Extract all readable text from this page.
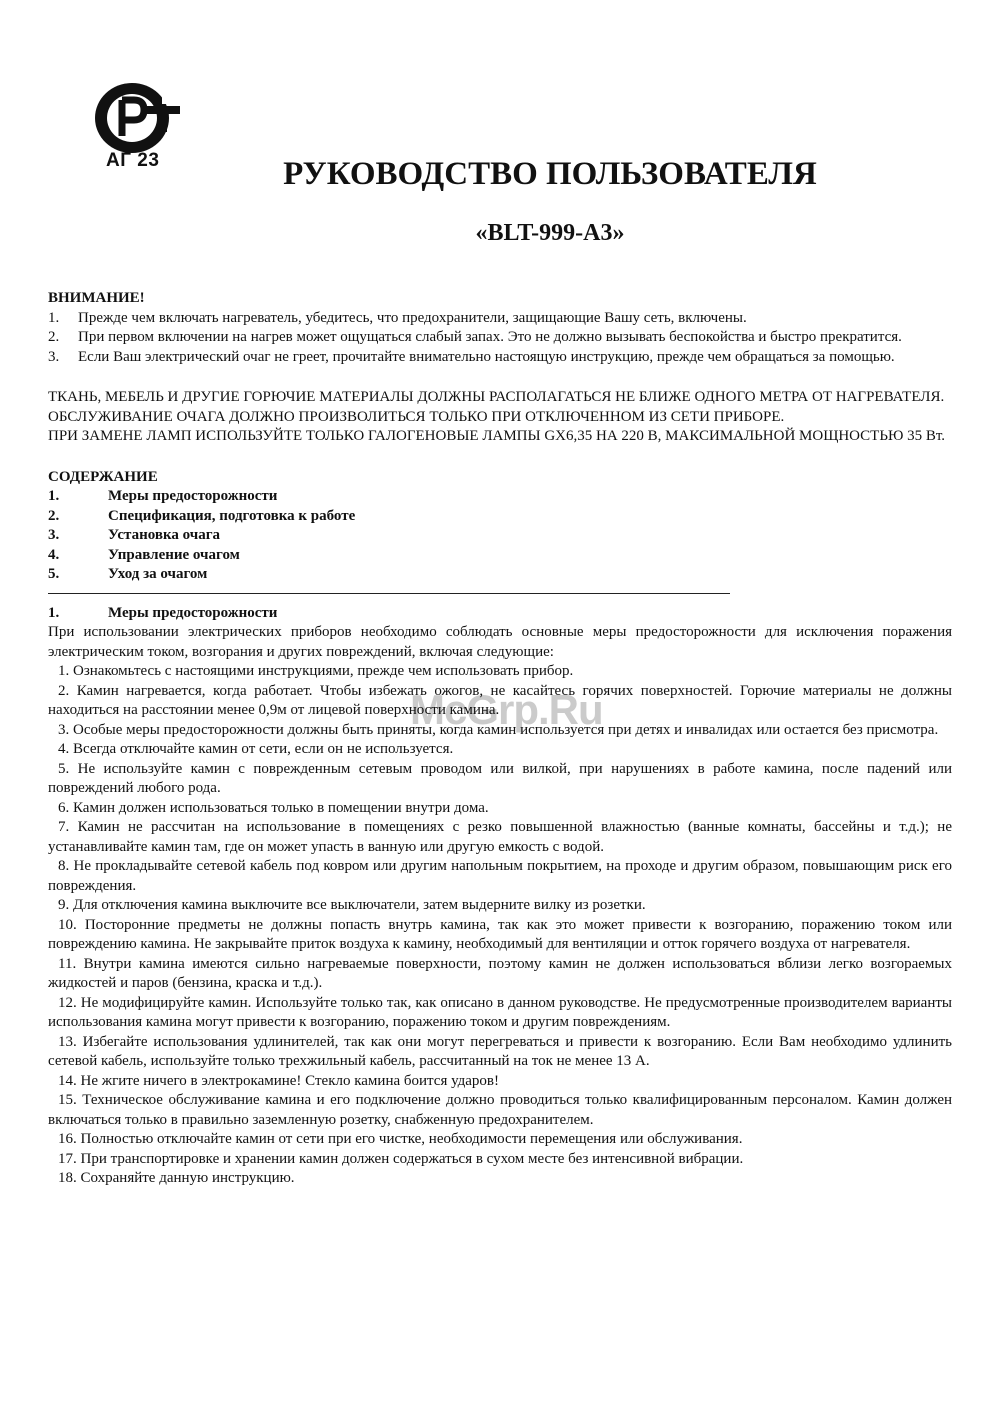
АГ 23	РУКОВОДСТВО ПОЛЬЗОВАТЕЛЯ
«BLT-999-A3»
McGrp.Ru

ВНИМАНИЕ!

1. Прежде чем включать нагреватель, убедитесь, что предохранители, защищающие Вашу сеть, включены.
2. При первом включении на нагрев может ощущаться слабый запах. Это не должно вызывать беспокойства и быстро прекратится.
3. Если Ваш электрический очаг не греет, прочитайте внимательно настоящую инструкцию, прежде чем обращаться за помощью.

ТКАНЬ, МЕБЕЛЬ И ДРУГИЕ ГОРЮЧИЕ МАТЕРИАЛЫ ДОЛЖНЫ РАСПОЛАГАТЬСЯ НЕ БЛИЖЕ ОДНОГО МЕТРА ОТ НАГРЕВАТЕЛЯ.

ОБСЛУЖИВАНИЕ ОЧАГА ДОЛЖНО ПРОИЗВОЛИТЬСЯ ТОЛЬКО ПРИ ОТКЛЮЧЕННОМ ИЗ СЕТИ ПРИБОРЕ.

ПРИ ЗАМЕНЕ ЛАМП ИСПОЛЬЗУЙТЕ ТОЛЬКО ГАЛОГЕНОВЫЕ ЛАМПЫ GX6,35 НА 220 В, МАКСИМАЛЬНОЙ МОЩНОСТЬЮ 35 Вт.

СОДЕРЖАНИЕ

1.	Меры предосторожности
2.	Спецификация, подготовка к работе
3.	Установка очага
4.	Управление очагом
5.	Уход за очагом
1.	Меры предосторожности

При использовании электрических приборов необходимо соблюдать основные меры предосторожности для исключения поражения электрическим током, возгорания и других повреждений, включая следующие:

1. Ознакомьтесь с настоящими инструкциями, прежде чем использовать прибор.

2. Камин нагревается, когда работает. Чтобы избежать ожогов, не касайтесь горячих поверхностей. Горючие материалы не должны находиться на расстоянии менее 0,9м от лицевой поверхности камина.

3. Особые меры предосторожности должны быть приняты, когда камин используется при детях и инвалидах или остается без присмотра.

4. Всегда отключайте камин от сети, если он не используется.

5. Не используйте камин с поврежденным сетевым проводом или вилкой, при нарушениях в работе камина, после падений или повреждений любого рода.

6. Камин должен использоваться только в помещении внутри дома.

7. Камин не рассчитан на использование в помещениях с резко повышенной влажностью (ванные комнаты, бассейны и т.д.); не устанавливайте камин там, где он может упасть в ванную или другую емкость с водой.

8. Не прокладывайте сетевой кабель под ковром или другим напольным покрытием, на проходе и другим образом, повышающим риск его повреждения.

9. Для отключения камина выключите все выключатели, затем выдерните вилку из розетки.

10. Посторонние предметы не должны попасть внутрь камина, так как это может привести к возгоранию, поражению током или повреждению камина. Не закрывайте приток воздуха к камину, необходимый для вентиляции и отток горячего воздуха от нагревателя.

11. Внутри камина имеются сильно нагреваемые поверхности, поэтому камин не должен использоваться вблизи легко возгораемых жидкостей и паров (бензина, краска и т.д.).

12. Не модифицируйте камин. Используйте только так, как описано в данном руководстве. Не предусмотренные производителем варианты использования камина могут привести к возгоранию, поражению током и другим повреждениям.

13. Избегайте использования удлинителей, так как они могут перегреваться и привести к возгоранию. Если Вам необходимо удлинить сетевой кабель, используйте только трехжильный кабель, рассчитанный на ток не менее 13 А.

14. Не жгите ничего в электрокамине! Стекло камина боится ударов!

15. Техническое обслуживание камина и его подключение должно проводиться только квалифицированным персоналом. Камин должен включаться только в правильно заземленную розетку, снабженную предохранителем.

16. Полностью отключайте камин от сети при его чистке, необходимости перемещения или обслуживания.

17. При транспортировке и хранении камин должен содержаться в сухом месте без интенсивной вибрации.

18. Сохраняйте данную инструкцию.
